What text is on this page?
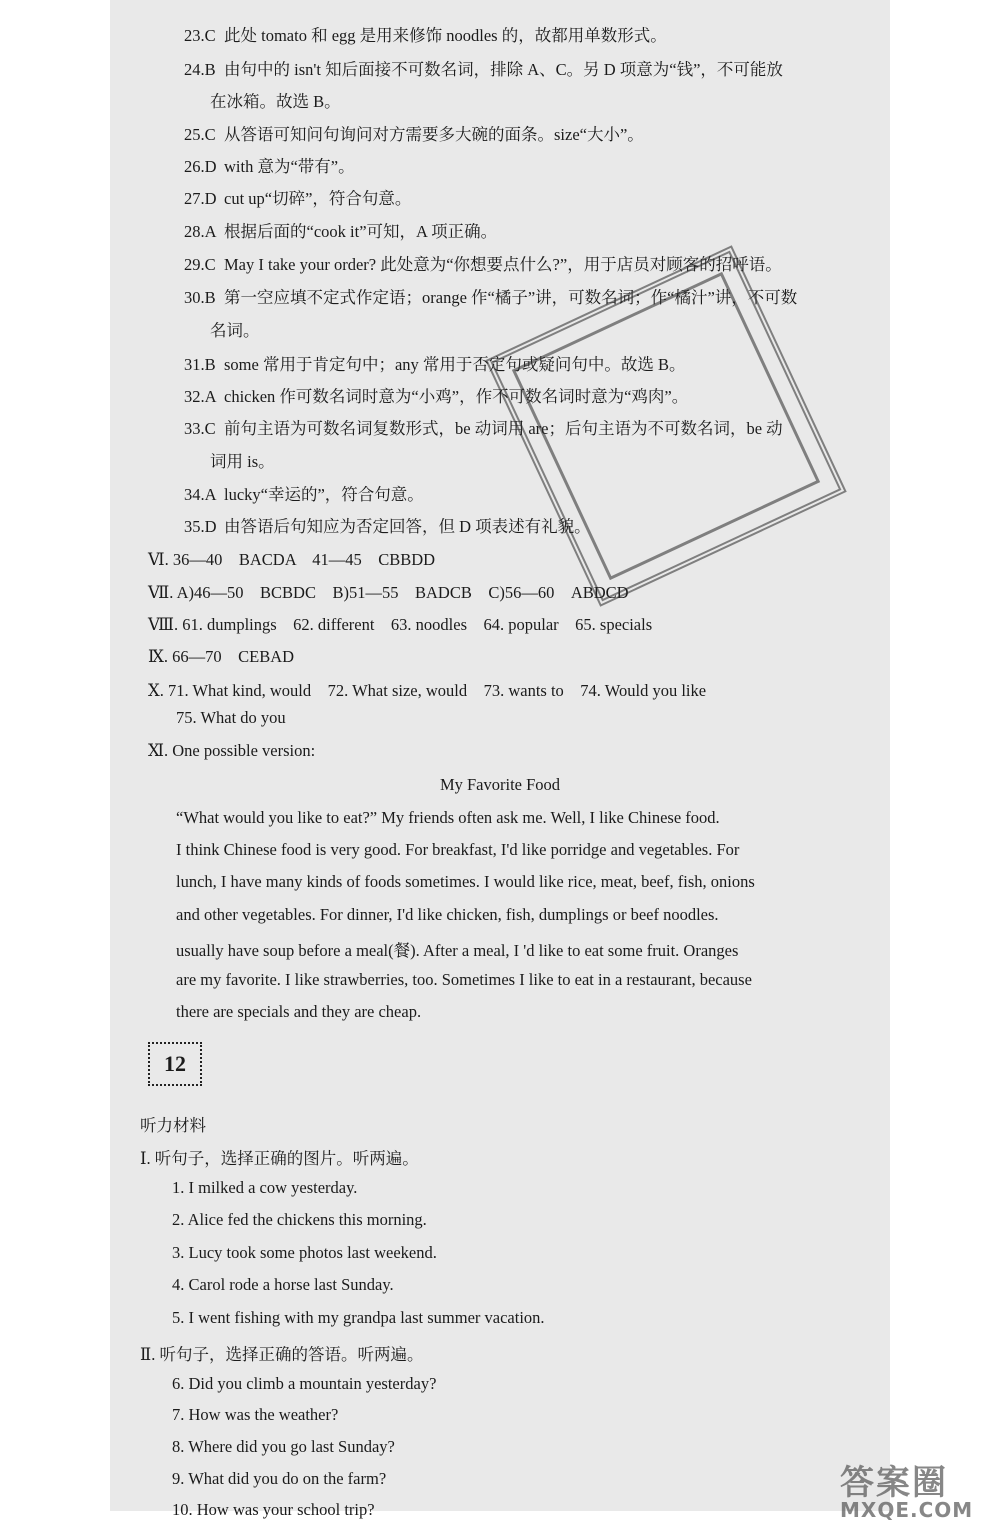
23.C 此处 tomato 和 egg 是用来修饰 noodles 的，故都用单数形式。
24.B 由句中的 isn't 知后面接不可数名词，排除 A、C。另 D 项意为“钱”，不可能放
在冰箱。故选 B。
25.C 从答语可知问句询问对方需要多大碗的面条。size“大小”。
26.D with 意为“带有”。
27.D cut up“切碎”，符合句意。
28.A 根据后面的“cook it”可知，A 项正确。
29.C May I take your order? 此处意为“你想要点什么?”，用于店员对顾客的招呼语。
30.B 第一空应填不定式作定语；orange 作“橘子”讲，可数名词；作“橘汁”讲，不可数
名词。
31.B some 常用于肯定句中；any 常用于否定句或疑问句中。故选 B。
32.A chicken 作可数名词时意为“小鸡”，作不可数名词时意为“鸡肉”。
33.C 前句主语为可数名词复数形式，be 动词用 are；后句主语为不可数名词，be 动
词用 is。
34.A lucky“幸运的”，符合句意。
35.D 由答语后句知应为否定回答，但 D 项表述有礼貌。
Ⅵ. 36—40　BACDA　41—45　CBBDD
Ⅶ. A)46—50　BCBDC　B)51—55　BADCB　C)56—60　ABDCD
Ⅷ. 61. dumplings　62. different　63. noodles　64. popular　65. specials
Ⅸ. 66—70　CEBAD
Ⅹ. 71. What kind, would　72. What size, would　73. wants to　74. Would you like
75. What do you
Ⅺ. One possible version:
My Favorite Food
“What would you like to eat?” My friends often ask me. Well, I like Chinese food.
I think Chinese food is very good. For breakfast, I'd like porridge and vegetables. For
lunch, I have many kinds of foods sometimes. I would like rice, meat, beef, fish, onions
and other vegetables. For dinner, I'd like chicken, fish, dumplings or beef noodles.
usually have soup before a meal(餐). After a meal, I 'd like to eat some fruit. Oranges
are my favorite. I like strawberries, too. Sometimes I like to eat in a restaurant, because
there are specials and they are cheap.
12
听力材料
Ⅰ. 听句子，选择正确的图片。听两遍。
1. I milked a cow yesterday.
2. Alice fed the chickens this morning.
3. Lucy took some photos last weekend.
4. Carol rode a horse last Sunday.
5. I went fishing with my grandpa last summer vacation.
Ⅱ. 听句子，选择正确的答语。听两遍。
6. Did you climb a mountain yesterday?
7. How was the weather?
8. Where did you go last Sunday?
9. What did you do on the farm?
10. How was your school trip?
答案圈
MXQE.COM
